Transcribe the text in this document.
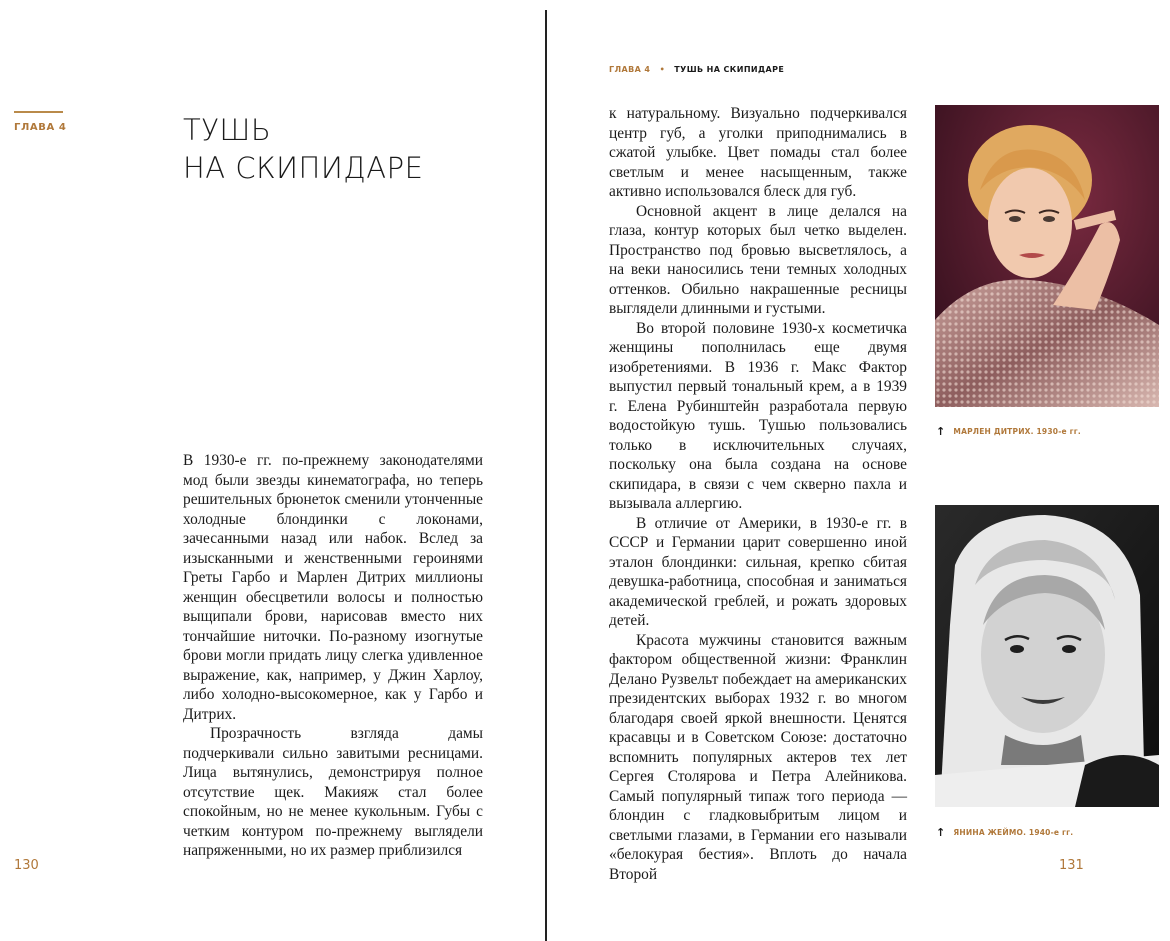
ГЛАВА 4	ТУШЬ
НА СКИПИДАРЕ

В 1930-е гг. по-прежнему законодателями мод были звезды кинематографа, но теперь решительных брюнеток сменили утонченные холодные блондинки с локонами, зачесанными назад или набок. Вслед за изысканными и женственными героинями Греты Гарбо и Марлен Дитрих миллионы женщин обесцветили волосы и полностью выщипали брови, нарисовав вместо них тончайшие ниточки. По-разному изогнутые брови могли придать лицу слегка удивленное выражение, как, например, у Джин Харлоу, либо холодно-высокомерное, как у Гарбо и Дитрих.

Прозрачность взгляда дамы подчеркивали сильно завитыми ресницами. Лица вытянулись, демонстрируя полное отсутствие щек. Макияж стал более спокойным, но не менее кукольным. Губы с четким контуром по-прежнему выглядели напряженными, но их размер приблизился

130
ГЛАВА 4 • ТУШЬ НА СКИПИДАРЕ

к натуральному. Визуально подчеркивался центр губ, а уголки приподнимались в сжатой улыбке. Цвет помады стал более светлым и менее насыщенным, также активно использовался блеск для губ.

Основной акцент в лице делался на глаза, контур которых был четко выделен. Пространство под бровью высветлялось, а на веки наносились тени темных холодных оттенков. Обильно накрашенные ресницы выглядели длинными и густыми.

Во второй половине 1930-х косметичка женщины пополнилась еще двумя изобретениями. В 1936 г. Макс Фактор выпустил первый тональный крем, а в 1939 г. Елена Рубинштейн разработала первую водостойкую тушь. Тушью пользовались только в исключительных случаях, поскольку она была создана на основе скипидара, в связи с чем скверно пахла и вызывала аллергию.

В отличие от Америки, в 1930-е гг. в СССР и Германии царит совершенно иной эталон блондинки: сильная, крепко сбитая девушка-работница, способная и заниматься академической греблей, и рожать здоровых детей.

Красота мужчины становится важным фактором общественной жизни: Франклин Делано Рузвельт побеждает на американских президентских выборах 1932 г. во многом благодаря своей яркой внешности. Ценятся красавцы и в Советском Союзе: достаточно вспомнить популярных актеров тех лет Сергея Столярова и Петра Алейникова. Самый популярный типаж того периода — блондин с гладковыбритым лицом и светлыми глазами, в Германии его называли «белокурая бестия». Вплоть до начала Второй

↑ МАРЛЕН ДИТРИХ. 1930-е гг.
↑ ЯНИНА ЖЕЙМО. 1940-е гг.
131
